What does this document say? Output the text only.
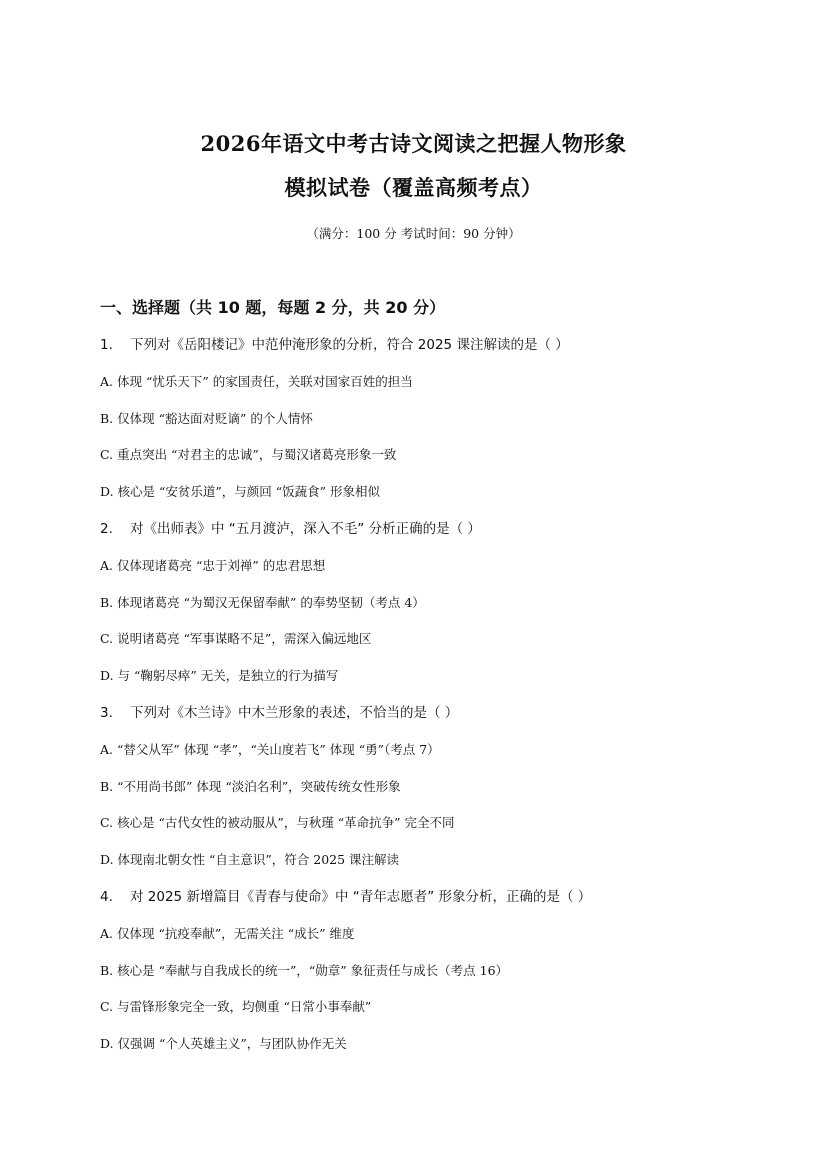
2026年语文中考古诗文阅读之把握人物形象
模拟试卷（覆盖高频考点）
（满分：100 分 考试时间：90 分钟）
一、选择题（共 10 题，每题 2 分，共 20 分）
1. 下列对《岳阳楼记》中范仲淹形象的分析，符合 2025 课注解读的是（ ）
A. 体现 “忧乐天下” 的家国责任，关联对国家百姓的担当
B. 仅体现 “豁达面对贬谪” 的个人情怀
C. 重点突出 “对君主的忠诚”，与蜀汉诸葛亮形象一致
D. 核心是 “安贫乐道”，与颜回 “饭蔬食” 形象相似
2. 对《出师表》中 “五月渡泸，深入不毛” 分析正确的是（ ）
A. 仅体现诸葛亮 “忠于刘禅” 的忠君思想
B. 体现诸葛亮 “为蜀汉无保留奉献” 的奉势坚韧（考点 4）
C. 说明诸葛亮 “军事谋略不足”，需深入偏远地区
D. 与 “鞠躬尽瘁” 无关，是独立的行为描写
3. 下列对《木兰诗》中木兰形象的表述，不恰当的是（ ）
A. “替父从军” 体现 “孝”，“关山度若飞” 体现 “勇”（考点 7）
B. “不用尚书郎” 体现 “淡泊名利”，突破传统女性形象
C. 核心是 “古代女性的被动服从”，与秋瑾 “革命抗争” 完全不同
D. 体现南北朝女性 “自主意识”，符合 2025 课注解读
4. 对 2025 新增篇目《青春与使命》中 “青年志愿者” 形象分析，正确的是（ ）
A. 仅体现 “抗疫奉献”，无需关注 “成长” 维度
B. 核心是 “奉献与自我成长的统一”，“勋章” 象征责任与成长（考点 16）
C. 与雷锋形象完全一致，均侧重 “日常小事奉献”
D. 仅强调 “个人英雄主义”，与团队协作无关
